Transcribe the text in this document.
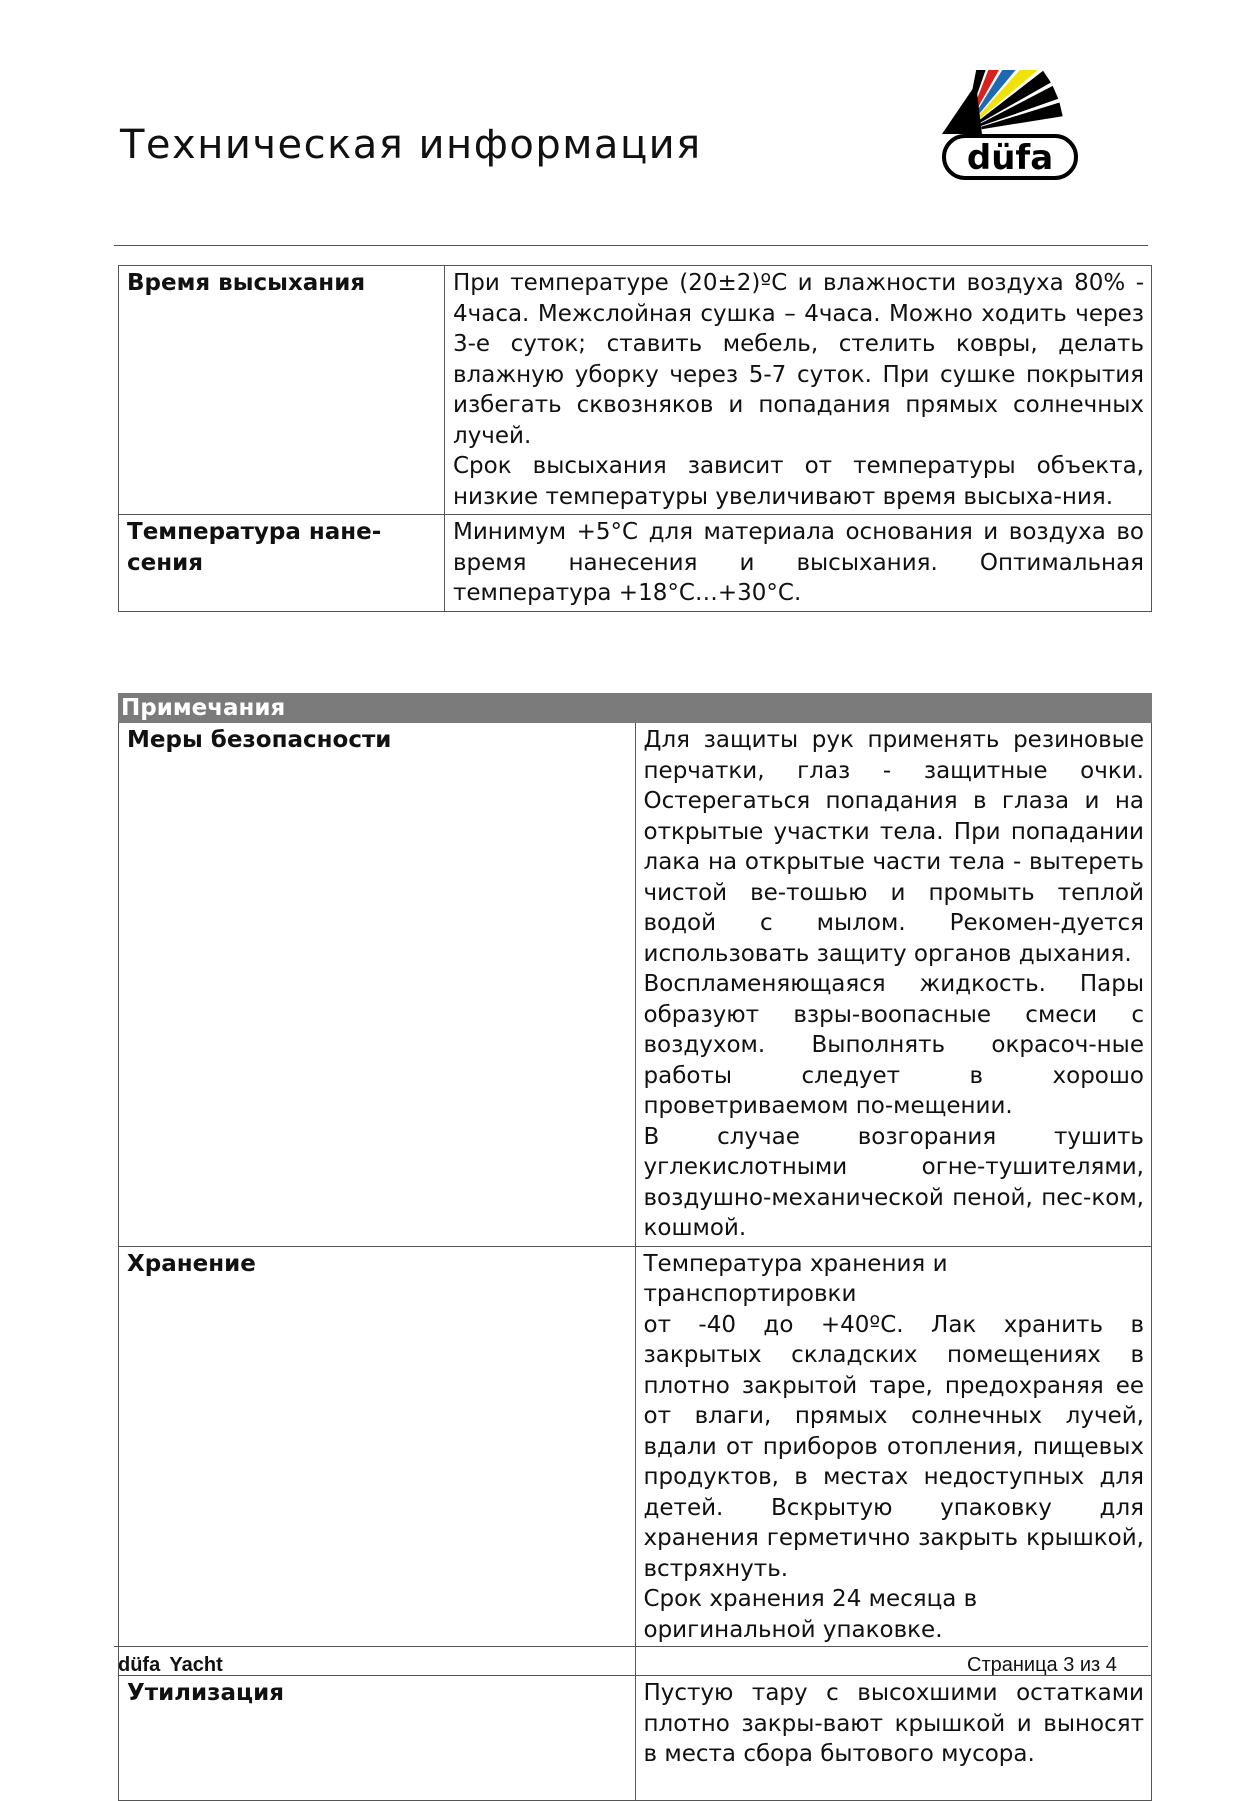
Техническая информация	düfa
Время высыхания	При температуре (20±2)ºС и влажности воздуха 80% - 4часа. Межслойная сушка – 4часа. Можно ходить через 3-е суток; ставить мебель, стелить ковры, делать влажную уборку через 5-7 суток. При сушке покрытия избегать сквозняков и попадания прямых солнечных лучей.
Срок высыхания зависит от температуры объекта, низкие температуры увеличивают время высыха-ния.

Температура нане-сения	Минимум +5°C для материала основания и воздуха во время нанесения и высыхания. Оптимальная температура +18°C…+30°C.
Примечания	
Меры безопасности	Для защиты рук применять резиновые перчатки, глаз - защитные очки. Остерегаться попадания в глаза и на открытые участки тела. При попадании лака на открытые части тела - вытереть чистой ве-тошью и промыть теплой водой с мылом. Рекомен-дуется использовать защиту органов дыхания.
Воспламеняющаяся жидкость. Пары образуют взры-воопасные смеси с воздухом. Выполнять окрасоч-ные работы следует в хорошо проветриваемом по-мещении.
В случае возгорания тушить углекислотными огне-тушителями, воздушно-механической пеной, пес-ком, кошмой.

Хранение	Температура хранения и транспортировки
от -40 до +40ºС. Лак хранить в закрытых складских помещениях в плотно закрытой таре, предохраняя ее от влаги, прямых солнечных лучей, вдали от приборов отопления, пищевых продуктов, в местах недоступных для детей. Вскрытую упаковку для хранения герметично закрыть крышкой, встряхнуть.
Срок хранения 24 месяца в оригинальной упаковке.

Утилизация	Пустую тару с высохшими остатками плотно закры-вают крышкой и выносят в места сбора бытового мусора.
düfa Yacht	Страница 3 из 4
